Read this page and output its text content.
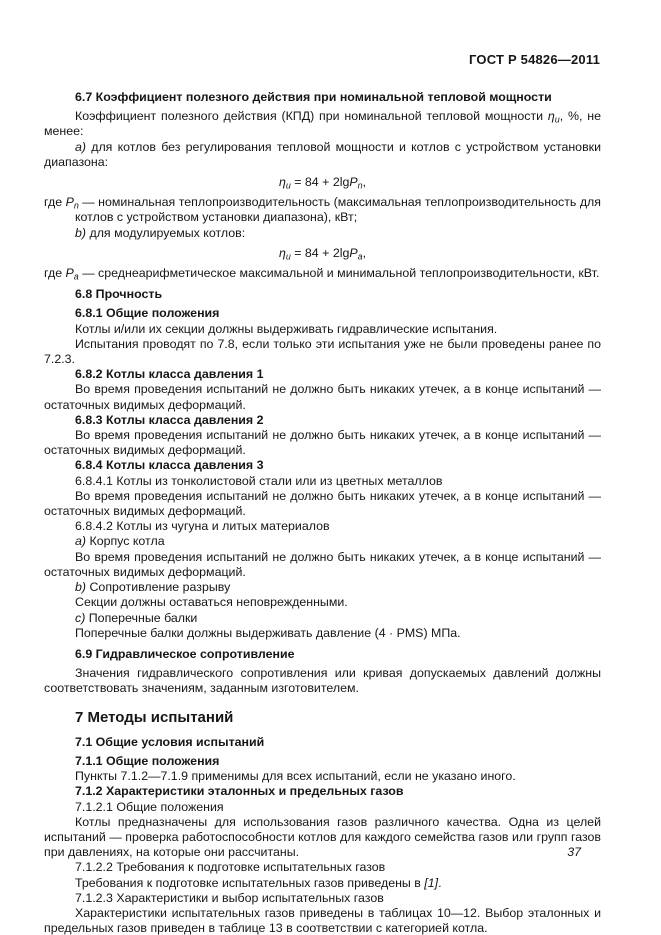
ГОСТ Р 54826—2011
6.7 Коэффициент полезного действия при номинальной тепловой мощности
Коэффициент полезного действия (КПД) при номинальной тепловой мощности $\eta_u$, %, не менее:
a) для котлов без регулирования тепловой мощности и котлов с устройством установки диапазона:
$\eta_u = 84 + 2\lg P_n$,
где $P_n$ — номинальная теплопроизводительность (максимальная теплопроизводительность для котлов с устройством установки диапазона), кВт;
b) для модулируемых котлов:
$\eta_u = 84 + 2\lg P_a$,
где $P_a$ — среднеарифметическое максимальной и минимальной теплопроизводительности, кВт.
6.8 Прочность
6.8.1 Общие положения
Котлы и/или их секции должны выдерживать гидравлические испытания.
Испытания проводят по 7.8, если только эти испытания уже не были проведены ранее по 7.2.3.
6.8.2 Котлы класса давления 1
Во время проведения испытаний не должно быть никаких утечек, а в конце испытаний — остаточных видимых деформаций.
6.8.3 Котлы класса давления 2
Во время проведения испытаний не должно быть никаких утечек, а в конце испытаний — остаточных видимых деформаций.
6.8.4 Котлы класса давления 3
6.8.4.1 Котлы из тонколистовой стали или из цветных металлов
Во время проведения испытаний не должно быть никаких утечек, а в конце испытаний — остаточных видимых деформаций.
6.8.4.2 Котлы из чугуна и литых материалов
a) Корпус котла
Во время проведения испытаний не должно быть никаких утечек, а в конце испытаний — остаточных видимых деформаций.
b) Сопротивление разрыву
Секции должны оставаться неповрежденными.
c) Поперечные балки
Поперечные балки должны выдерживать давление (4 · PMS) МПа.
6.9 Гидравлическое сопротивление
Значения гидравлического сопротивления или кривая допускаемых давлений должны соответствовать значениям, заданным изготовителем.
7 Методы испытаний
7.1 Общие условия испытаний
7.1.1 Общие положения
Пункты 7.1.2—7.1.9 применимы для всех испытаний, если не указано иного.
7.1.2 Характеристики эталонных и предельных газов
7.1.2.1 Общие положения
Котлы предназначены для использования газов различного качества. Одна из целей испытаний — проверка работоспособности котлов для каждого семейства газов или групп газов при давлениях, на которые они рассчитаны.
7.1.2.2 Требования к подготовке испытательных газов
Требования к подготовке испытательных газов приведены в [1].
7.1.2.3 Характеристики и выбор испытательных газов
Характеристики испытательных газов приведены в таблицах 10—12. Выбор эталонных и предельных газов приведен в таблице 13 в соответствии с категорией котла.
37
